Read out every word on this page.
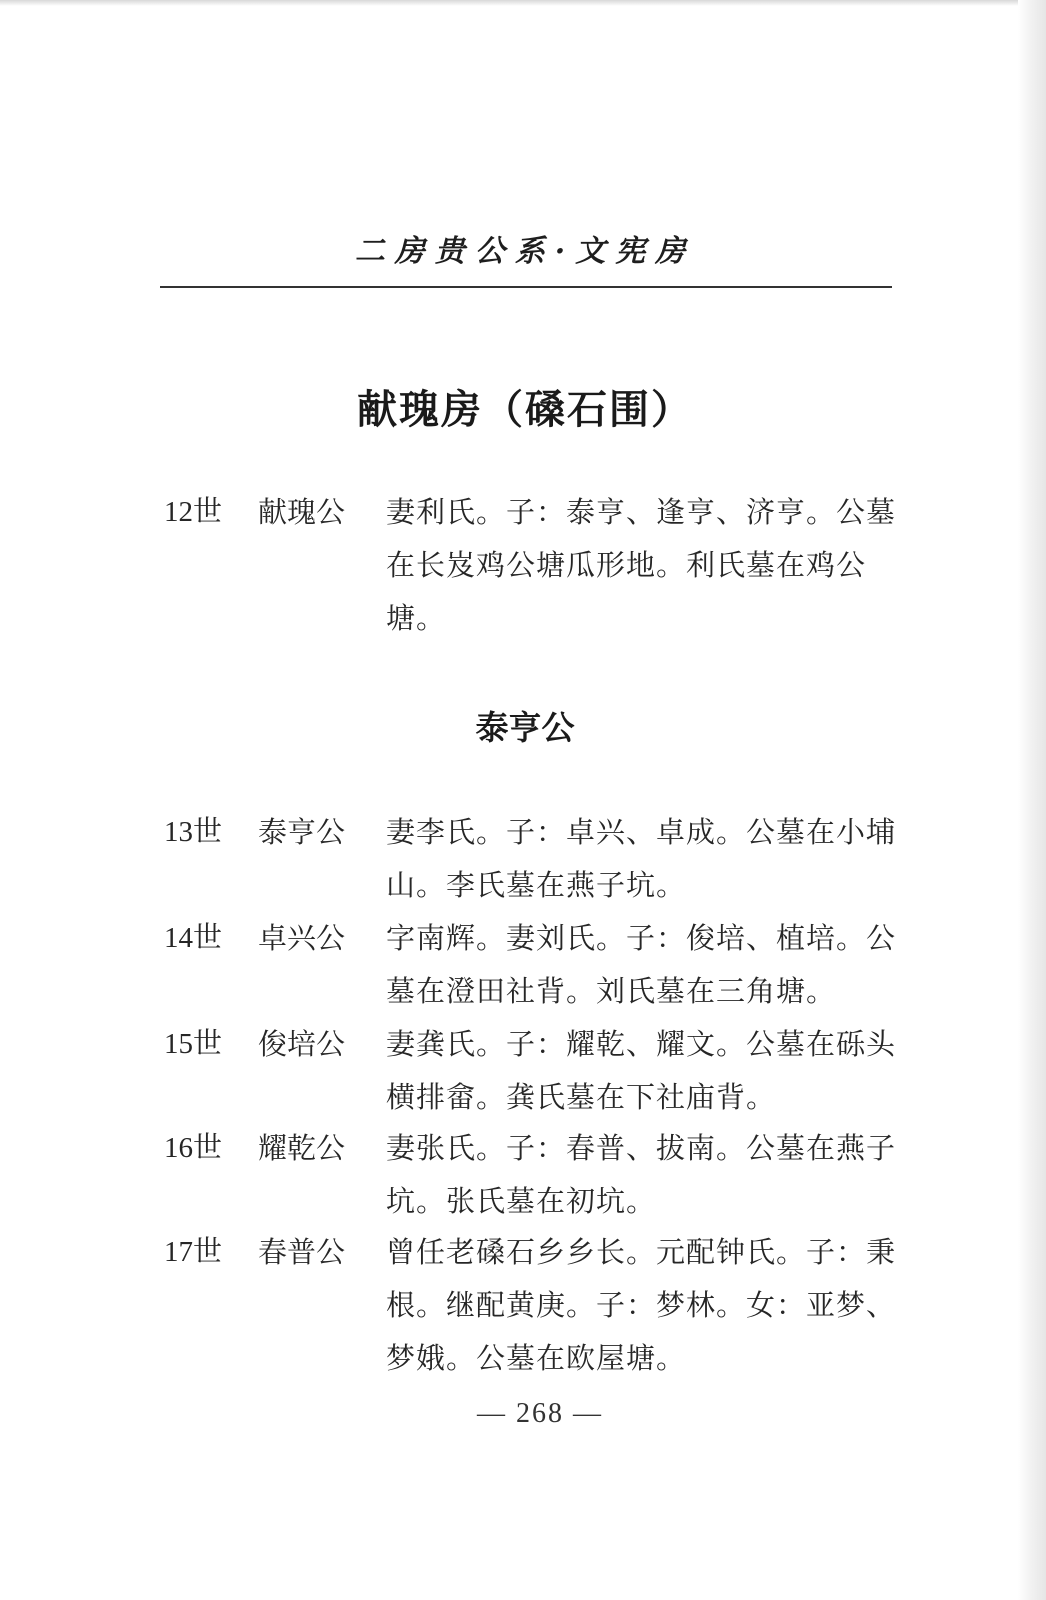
二房贵公系·文宪房
献瑰房（磉石围）
12世	献瑰公	妻利氏。子：泰亨、逢亨、济亨。公墓在长岌鸡公塘瓜形地。利氏墓在鸡公塘。
泰亨公
13世	泰亨公	妻李氏。子：卓兴、卓成。公墓在小埔山。李氏墓在燕子坑。
14世	卓兴公	字南辉。妻刘氏。子：俊培、植培。公墓在澄田社背。刘氏墓在三角塘。
15世	俊培公	妻龚氏。子：耀乾、耀文。公墓在砾头横排畲。龚氏墓在下社庙背。
16世	耀乾公	妻张氏。子：春普、拔南。公墓在燕子坑。张氏墓在初坑。
17世	春普公	曾任老磉石乡乡长。元配钟氏。子：秉根。继配黄庚。子：梦林。女：亚梦、梦娥。公墓在欧屋塘。
— 268 —
